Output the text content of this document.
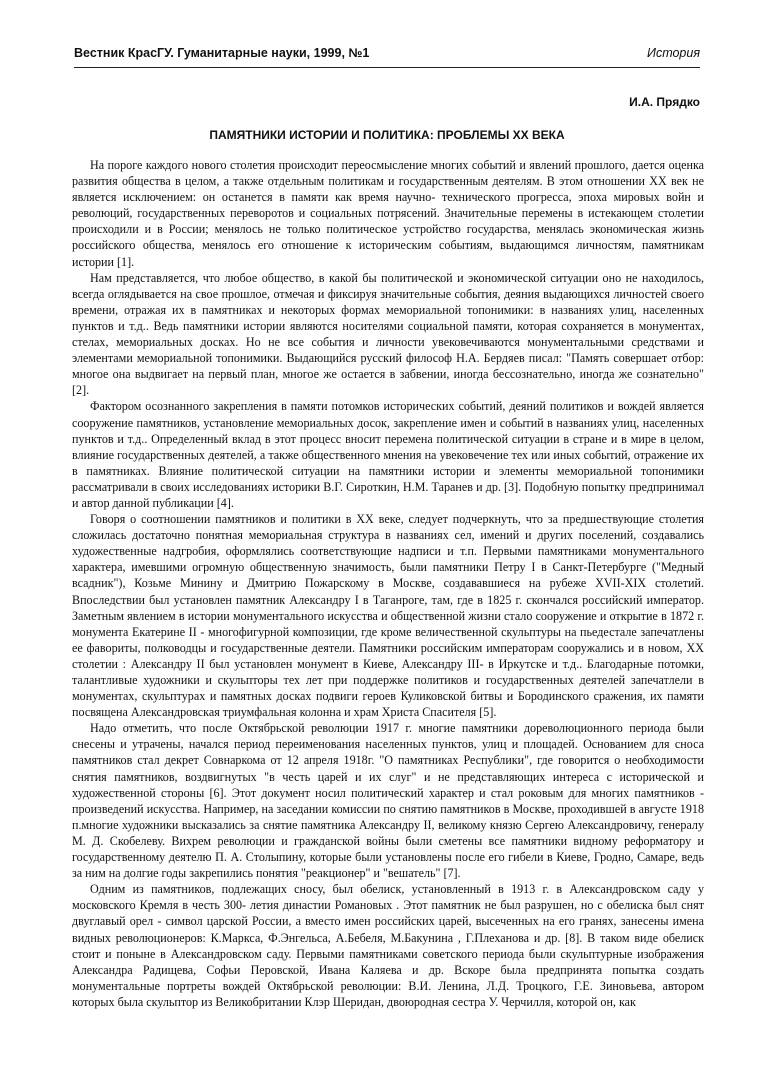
Вестник КрасГУ. Гуманитарные науки, 1999, №1	История
И.А. Прядко
ПАМЯТНИКИ ИСТОРИИ И ПОЛИТИКА: ПРОБЛЕМЫ XX ВЕКА

На пороге каждого нового столетия происходит переосмысление многих событий и явлений прошлого, дается оценка развития общества в целом, а также отдельным политикам и государственным деятелям. В этом отношении XX век не является исключением: он останется в памяти как время научно- технического прогресса, эпоха мировых войн и революций, государственных переворотов и социальных потрясений. Значительные перемены в истекающем столетии происходили и в России; менялось не только политическое устройство государства, менялась экономическая жизнь российского общества, менялось его отношение к историческим событиям, выдающимся личностям, памятникам истории [1].

Нам представляется, что любое общество, в какой бы политической и экономической ситуации оно не находилось, всегда оглядывается на свое прошлое, отмечая и фиксируя значительные события, деяния выдающихся личностей своего времени, отражая их в памятниках и некоторых формах мемориальной топонимики: в названиях улиц, населенных пунктов и т.д.. Ведь памятники истории являются носителями социальной памяти, которая сохраняется в монументах, стелах, мемориальных досках. Но не все события и личности увековечиваются монументальными средствами и элементами мемориальной топонимики. Выдающийся русский философ Н.А. Бердяев писал: "Память совершает отбор: многое она выдвигает на первый план, многое же остается в забвении, иногда бессознательно, иногда же сознательно" [2].

Фактором осознанного закрепления в памяти потомков исторических событий, деяний политиков и вождей является сооружение памятников, установление мемориальных досок, закрепление имен и событий в названиях улиц, населенных пунктов и т.д.. Определенный вклад в этот процесс вносит перемена политической ситуации в стране и в мире в целом, влияние государственных деятелей, а также общественного мнения на увековечение тех или иных событий, отражение их в памятниках. Влияние политической ситуации на памятники истории и элементы мемориальной топонимики рассматривали в своих исследованиях историки В.Г. Сироткин, Н.М. Таранев и др. [3]. Подобную попытку предпринимал и автор данной публикации [4].

Говоря о соотношении памятников и политики в XX веке, следует подчеркнуть, что за предшествующие столетия сложилась достаточно понятная мемориальная структура в названиях сел, имений и других поселений, создавались художественные надгробия, оформлялись соответствующие надписи и т.п. Первыми памятниками монументального характера, имевшими огромную общественную значимость, были памятники Петру I в Санкт-Петербурге ("Медный всадник"), Козьме Минину и Дмитрию Пожарскому в Москве, создававшиеся на рубеже XVII-XIX столетий. Впоследствии был установлен памятник Александру I в Таганроге, там, где в 1825 г. скончался российский император. Заметным явлением в истории монументального искусства и общественной жизни стало сооружение и открытие в 1872 г. монумента Екатерине II - многофигурной композиции, где кроме величественной скульптуры на пьедестале запечатлены ее фавориты, полководцы и государственные деятели. Памятники российским императорам сооружались и в новом, XX столетии : Александру II был установлен монумент в Киеве, Александру III- в Иркутске и т.д.. Благодарные потомки, талантливые художники и скульпторы тех лет при поддержке политиков и государственных деятелей запечатлели в монументах, скульптурах и памятных досках подвиги героев Куликовской битвы и Бородинского сражения, их памяти посвящена Александровская триумфальная колонна и храм Христа Спасителя [5].

Надо отметить, что после Октябрьской революции 1917 г. многие памятники дореволюционного периода были снесены и утрачены, начался период переименования населенных пунктов, улиц и площадей. Основанием для сноса памятников стал декрет Совнаркома от 12 апреля 1918г. "О памятниках Республики", где говорится о необходимости снятия памятников, воздвигнутых "в честь царей и их слуг" и не представляющих интереса с исторической и художественной стороны [6]. Этот документ носил политический характер и стал роковым для многих памятников - произведений искусства. Например, на заседании комиссии по снятию памятников в Москве, проходившей в августе 1918 п.многие художники высказались за снятие памятника Александру II, великому князю Сергею Александровичу, генералу М. Д. Скобелеву. Вихрем революции и гражданской войны были сметены все памятники видному реформатору и государственному деятелю П. А. Столыпину, которые были установлены после его гибели в Киеве, Гродно, Самаре, ведь за ним на долгие годы закрепились понятия "реакционер" и "вешатель" [7].

Одним из памятников, подлежащих сносу, был обелиск, установленный в 1913 г. в Александровском саду у московского Кремля в честь 300- летия династии Романовых . Этот памятник не был разрушен, но с обелиска был снят двуглавый орел - символ царской России, а вместо имен российских царей, высеченных на его гранях, занесены имена видных революционеров: К.Маркса, Ф.Энгельса, А.Бебеля, М.Бакунина , Г.Плеханова и др. [8]. В таком виде обелиск стоит и поныне в Александровском саду. Первыми памятниками советского периода были скульптурные изображения Александра Радищева, Софьи Перовской, Ивана Каляева и др. Вскоре была предпринята попытка создать монументальные портреты вождей Октябрьской революции: В.И. Ленина, Л.Д. Троцкого, Г.Е. Зиновьева, автором которых была скульптор из Великобритании Клэр Шеридан, двоюродная сестра У. Черчилля, которой он, как
